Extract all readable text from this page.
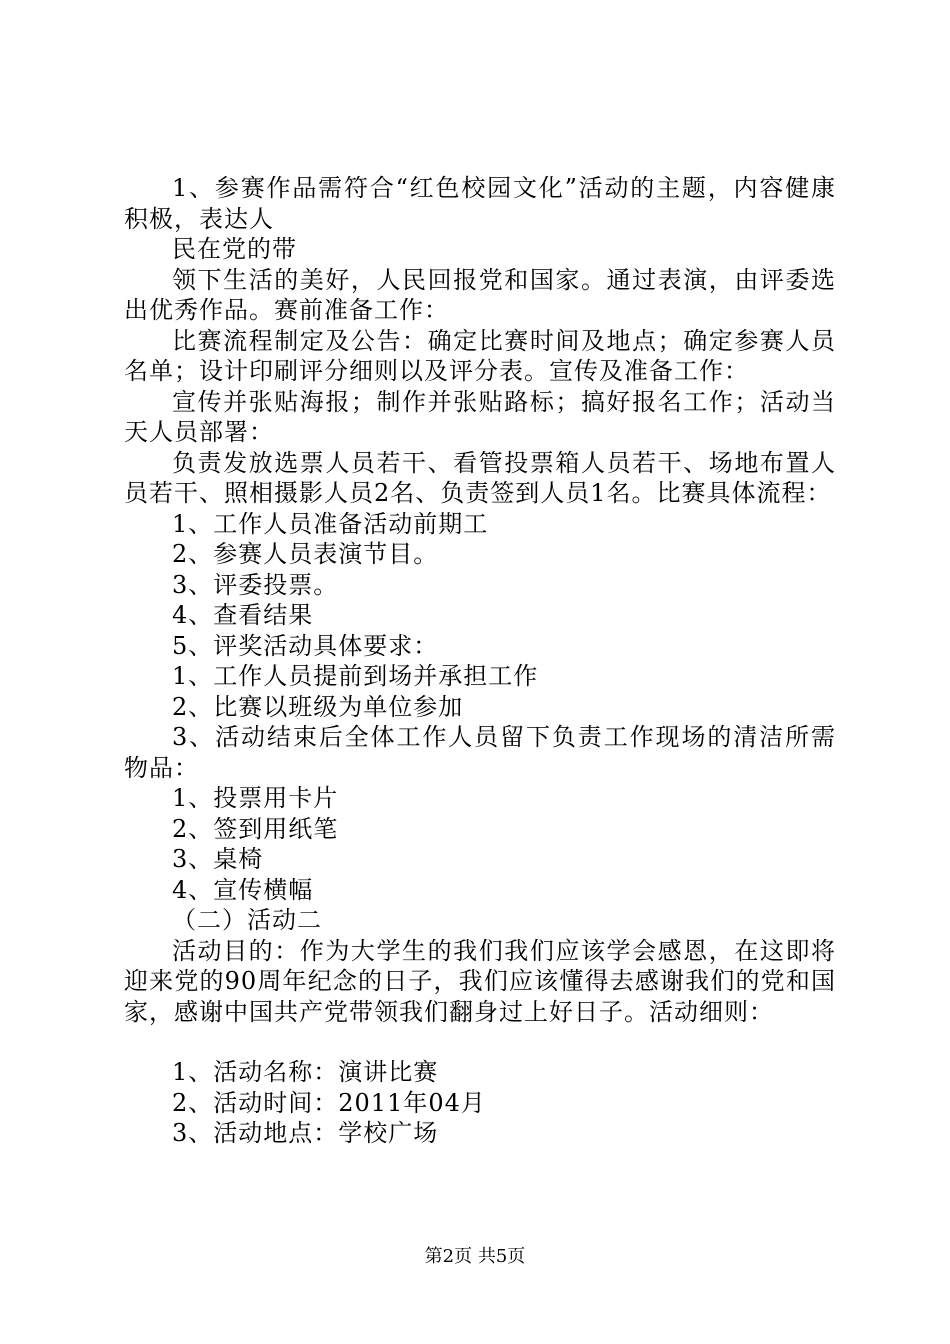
1、参赛作品需符合“红色校园文化”活动的主题，内容健康积极，表达人

民在党的带

领下生活的美好，人民回报党和国家。通过表演，由评委选出优秀作品。赛前准备工作：

比赛流程制定及公告：确定比赛时间及地点；确定参赛人员名单；设计印刷评分细则以及评分表。宣传及准备工作：

宣传并张贴海报；制作并张贴路标；搞好报名工作；活动当天人员部署：

负责发放选票人员若干、看管投票箱人员若干、场地布置人员若干、照相摄影人员2名、负责签到人员1名。比赛具体流程：

1、工作人员准备活动前期工

2、参赛人员表演节目。

3、评委投票。

4、查看结果

5、评奖活动具体要求：

1、工作人员提前到场并承担工作

2、比赛以班级为单位参加

3、活动结束后全体工作人员留下负责工作现场的清洁所需物品：

1、投票用卡片

2、签到用纸笔

3、桌椅

4、宣传横幅

（二）活动二

活动目的：作为大学生的我们我们应该学会感恩，在这即将迎来党的90周年纪念的日子，我们应该懂得去感谢我们的党和国家，感谢中国共产党带领我们翻身过上好日子。活动细则：

1、活动名称：演讲比赛

2、活动时间：2011年04月

3、活动地点：学校广场

第2页 共5页
